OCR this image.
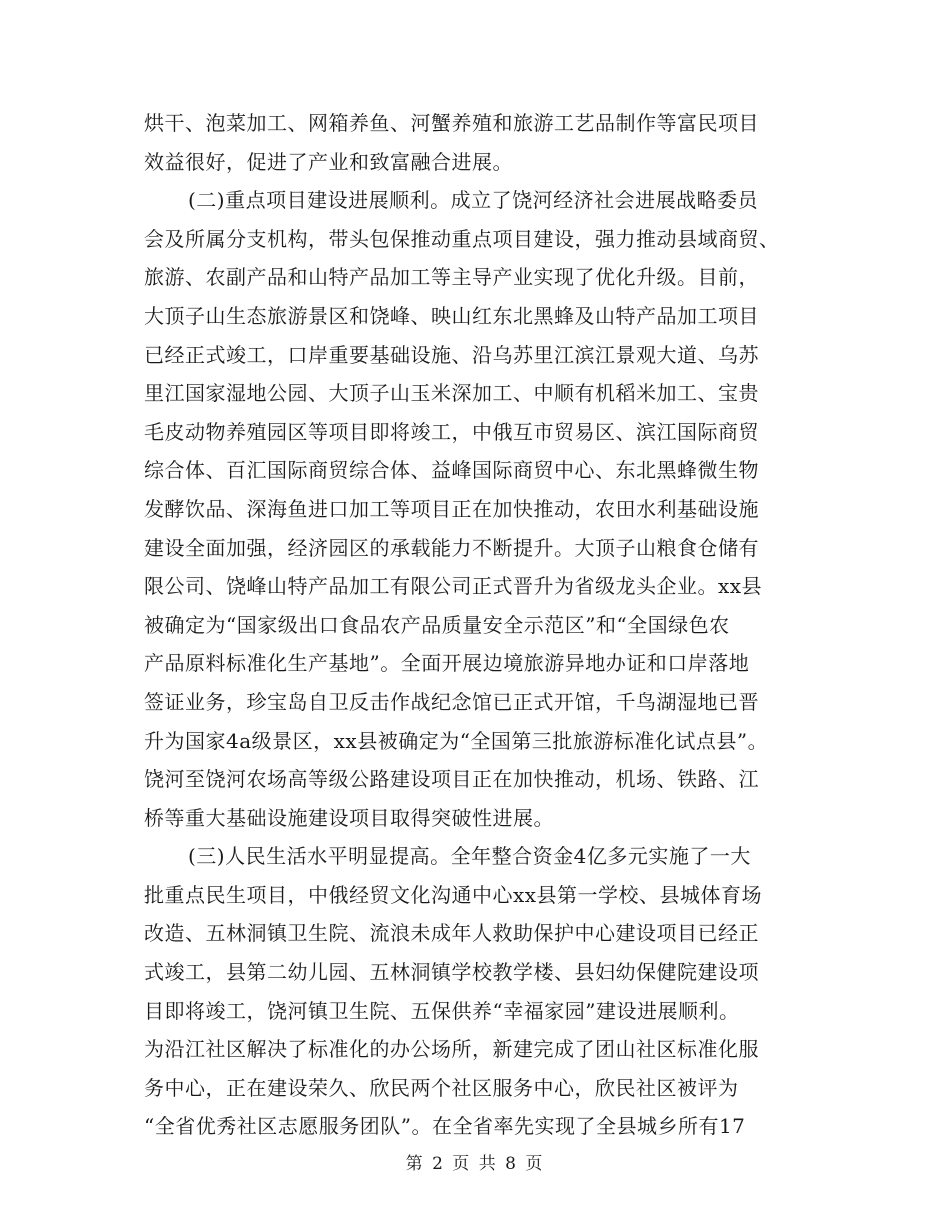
烘干、泡菜加工、网箱养鱼、河蟹养殖和旅游工艺品制作等富民项目
效益很好，促进了产业和致富融合进展。
(二)重点项目建设进展顺利。成立了饶河经济社会进展战略委员
会及所属分支机构，带头包保推动重点项目建设，强力推动县域商贸、
旅游、农副产品和山特产品加工等主导产业实现了优化升级。目前，
大顶子山生态旅游景区和饶峰、映山红东北黑蜂及山特产品加工项目
已经正式竣工，口岸重要基础设施、沿乌苏里江滨江景观大道、乌苏
里江国家湿地公园、大顶子山玉米深加工、中顺有机稻米加工、宝贵
毛皮动物养殖园区等项目即将竣工，中俄互市贸易区、滨江国际商贸
综合体、百汇国际商贸综合体、益峰国际商贸中心、东北黑蜂微生物
发酵饮品、深海鱼进口加工等项目正在加快推动，农田水利基础设施
建设全面加强，经济园区的承载能力不断提升。大顶子山粮食仓储有
限公司、饶峰山特产品加工有限公司正式晋升为省级龙头企业。xx县
被确定为“国家级出口食品农产品质量安全示范区”和“全国绿色农
产品原料标准化生产基地”。全面开展边境旅游异地办证和口岸落地
签证业务，珍宝岛自卫反击作战纪念馆已正式开馆，千鸟湖湿地已晋
升为国家4a级景区，xx县被确定为“全国第三批旅游标准化试点县”。
饶河至饶河农场高等级公路建设项目正在加快推动，机场、铁路、江
桥等重大基础设施建设项目取得突破性进展。
(三)人民生活水平明显提高。全年整合资金4亿多元实施了一大
批重点民生项目，中俄经贸文化沟通中心xx县第一学校、县城体育场
改造、五林洞镇卫生院、流浪未成年人救助保护中心建设项目已经正
式竣工，县第二幼儿园、五林洞镇学校教学楼、县妇幼保健院建设项
目即将竣工，饶河镇卫生院、五保供养“幸福家园”建设进展顺利。
为沿江社区解决了标准化的办公场所，新建完成了团山社区标准化服
务中心，正在建设荣久、欣民两个社区服务中心，欣民社区被评为
“全省优秀社区志愿服务团队”。在全省率先实现了全县城乡所有17
第 2 页 共 8 页
